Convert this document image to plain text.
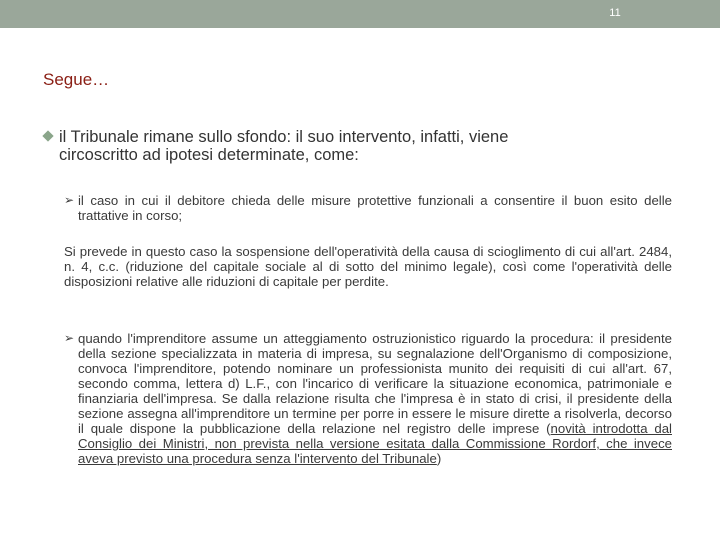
11
Segue…
il Tribunale rimane sullo sfondo: il suo intervento, infatti, viene
circoscritto ad ipotesi determinate, come:
➢ il caso in cui il debitore chieda delle misure protettive funzionali a consentire il buon esito delle trattative in corso;
Si prevede in questo caso la sospensione dell'operatività della causa di scioglimento di cui all'art. 2484, n. 4, c.c. (riduzione del capitale sociale al di sotto del minimo legale), così come l'operatività delle disposizioni relative alle riduzioni di capitale per perdite.
➢ quando l'imprenditore assume un atteggiamento ostruzionistico riguardo la procedura: il presidente della sezione specializzata in materia di impresa, su segnalazione dell'Organismo di composizione, convoca l'imprenditore, potendo nominare un professionista munito dei requisiti di cui all'art. 67, secondo comma, lettera d) L.F., con l'incarico di verificare la situazione economica, patrimoniale e finanziaria dell'impresa. Se dalla relazione risulta che l'impresa è in stato di crisi, il presidente della sezione assegna all'imprenditore un termine per porre in essere le misure dirette a risolverla, decorso il quale dispone la pubblicazione della relazione nel registro delle imprese (novità introdotta dal Consiglio dei Ministri, non prevista nella versione esitata dalla Commissione Rordorf, che invece aveva previsto una procedura senza l'intervento del Tribunale)
